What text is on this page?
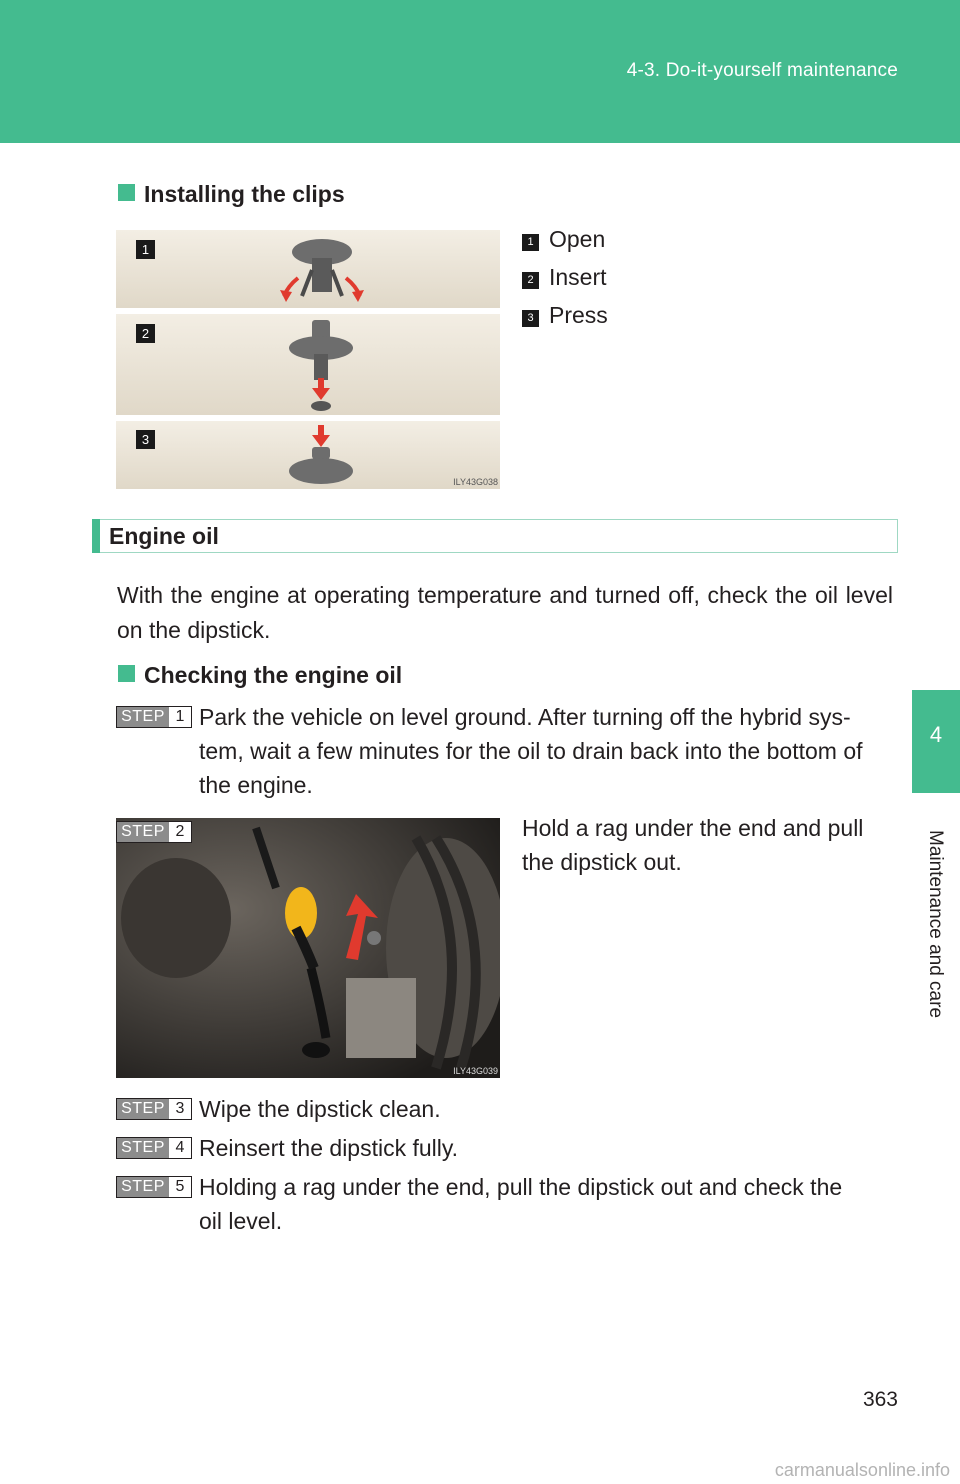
4-3. Do-it-yourself maintenance
4
Maintenance and care
Installing the clips
1
2
ILY43G038
3
1 Open
2 Insert
3 Press
Engine oil
With the engine at operating temperature and turned off, check the oil level on the dipstick.
Checking the engine oil
STEP 1 Park the vehicle on level ground. After turning off the hybrid sys-
tem, wait a few minutes for the oil to drain back into the bottom of
the engine.
ILY43G039
STEP 2	Hold a rag under the end and pull
the dipstick out.
STEP 3 Wipe the dipstick clean.
STEP 4 Reinsert the dipstick fully.
STEP 5 Holding a rag under the end, pull the dipstick out and check the
oil level.
363
carmanualsonline.info
